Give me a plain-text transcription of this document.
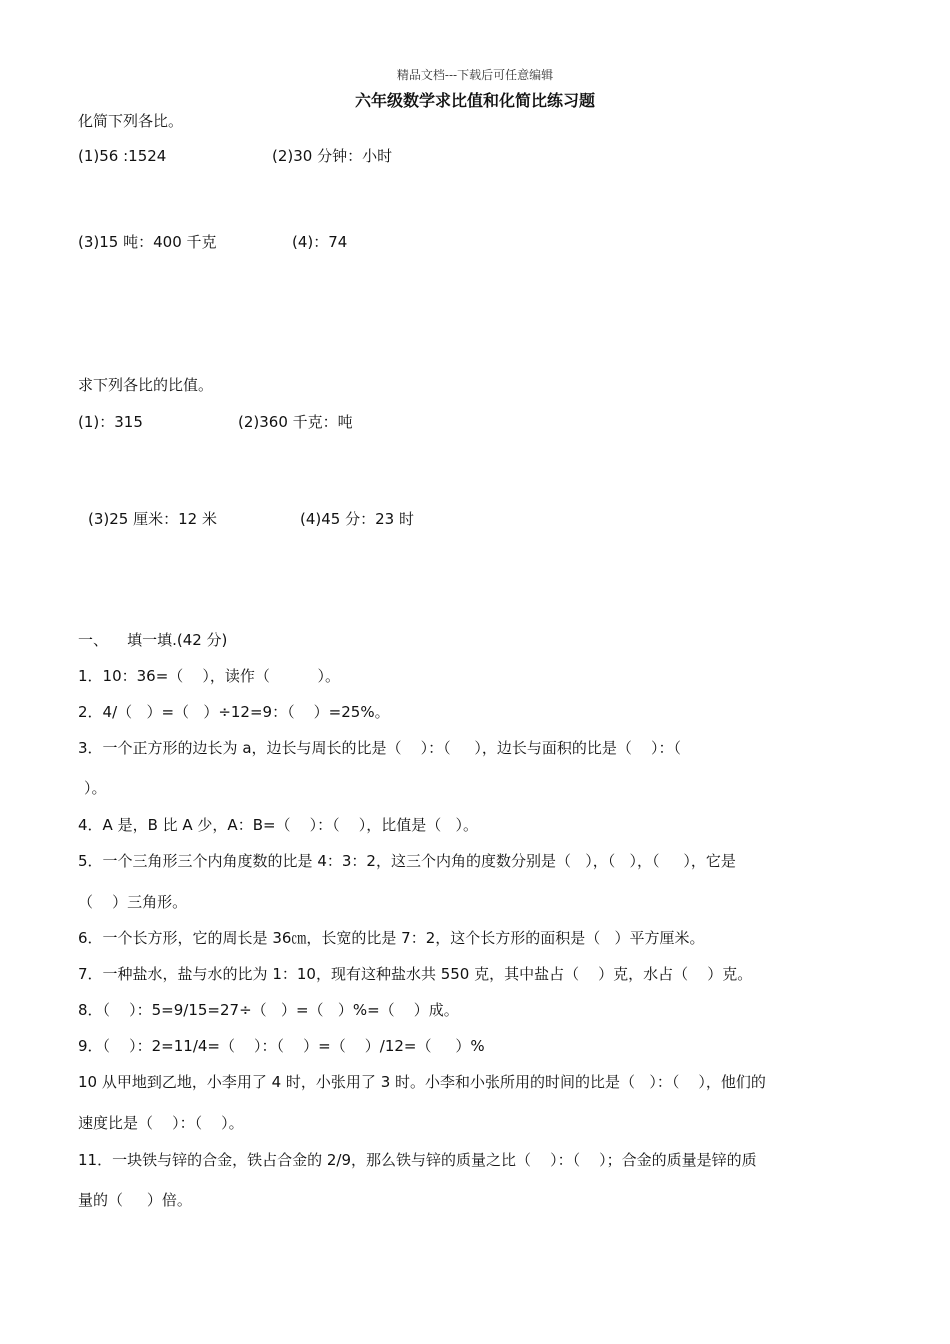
精品文档---下载后可任意编辑
六年级数学求比值和化简比练习题
化简下列各比。
(1)56 :1524	(2)30 分钟：小时
(3)15 吨：400 千克	(4)：74
求下列各比的比值。
(1)：315	(2)360 千克：吨
(3)25 厘米：12 米	(4)45 分：23 时
一、    填一填.(42 分)
1．10：36=（    ），读作（          ）。
2．4/（   ）=（   ）÷12=9：（    ）=25%。
3．一个正方形的边长为 a，边长与周长的比是（    ）：（     ），边长与面积的比是（    ）：（
）。
4．A 是，B 比 A 少，A：B=（    ）：（    ），比值是（   ）。
5．一个三角形三个内角度数的比是 4：3：2，这三个内角的度数分别是（   ），（   ），（     ），它是
（    ）三角形。
6．一个长方形，它的周长是 36㎝，长宽的比是 7：2，这个长方形的面积是（   ）平方厘米。
7．一种盐水，盐与水的比为 1：10，现有这种盐水共 550 克，其中盐占（    ）克，水占（    ）克。
8．（    ）：5=9/15=27÷（   ）=（   ）%=（    ）成。
9．（    ）：2=11/4=（    ）：（    ）=（    ）/12=（     ）%
10 从甲地到乙地，小李用了 4 时，小张用了 3 时。小李和小张所用的时间的比是（   ）：（    ），他们的
速度比是（    ）：（    ）。
11．一块铁与锌的合金，铁占合金的 2/9，那么铁与锌的质量之比（    ）：（    ）；合金的质量是锌的质
量的（     ）倍。
